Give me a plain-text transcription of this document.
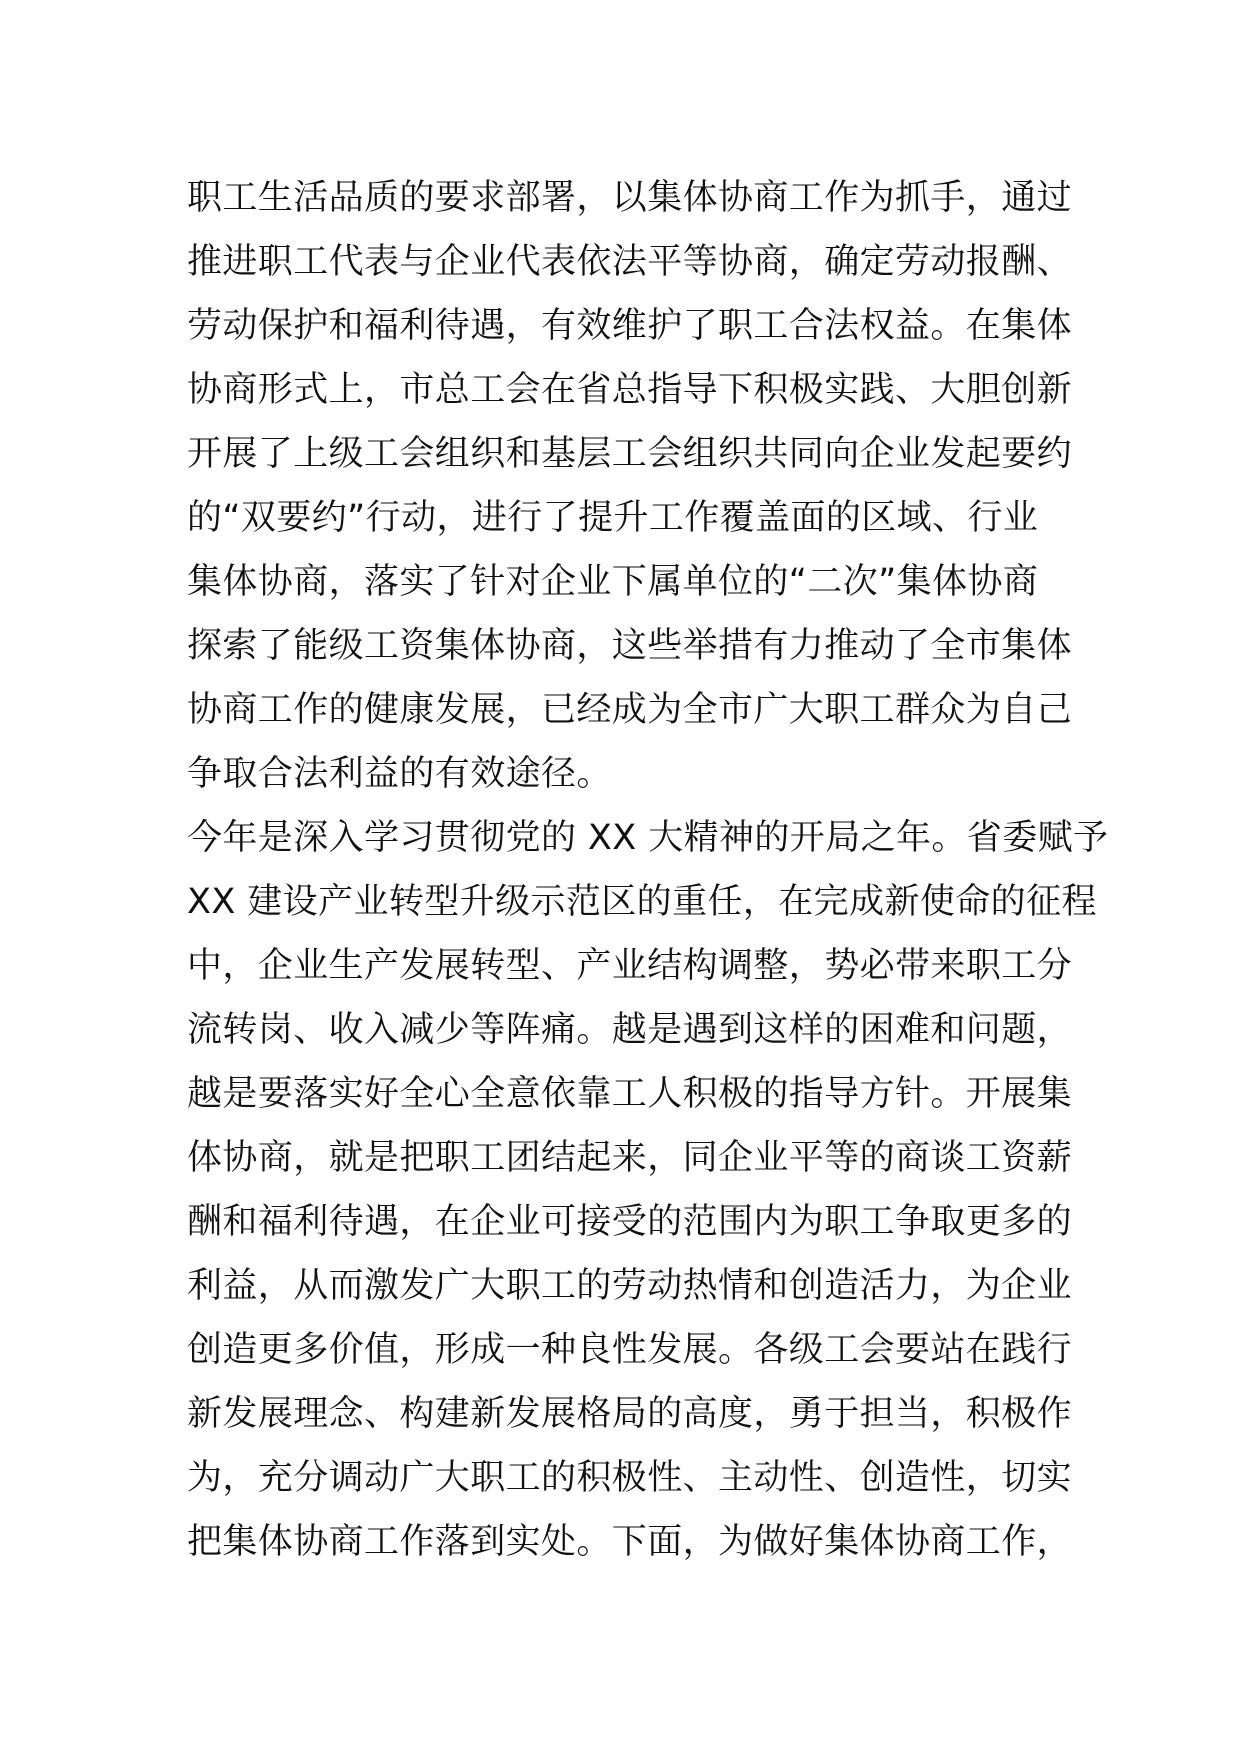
职工生活品质的要求部署，以集体协商工作为抓手，通过
推进职工代表与企业代表依法平等协商，确定劳动报酬、
劳动保护和福利待遇，有效维护了职工合法权益。在集体
协商形式上，市总工会在省总指导下积极实践、大胆创新
开展了上级工会组织和基层工会组织共同向企业发起要约
的“双要约”行动，进行了提升工作覆盖面的区域、行业
集体协商，落实了针对企业下属单位的“二次”集体协商
探索了能级工资集体协商，这些举措有力推动了全市集体
协商工作的健康发展，已经成为全市广大职工群众为自己
争取合法利益的有效途径。
今年是深入学习贯彻党的 XX 大精神的开局之年。省委赋予
XX 建设产业转型升级示范区的重任，在完成新使命的征程
中，企业生产发展转型、产业结构调整，势必带来职工分
流转岗、收入减少等阵痛。越是遇到这样的困难和问题，
越是要落实好全心全意依靠工人积极的指导方针。开展集
体协商，就是把职工团结起来，同企业平等的商谈工资薪
酬和福利待遇，在企业可接受的范围内为职工争取更多的
利益，从而激发广大职工的劳动热情和创造活力，为企业
创造更多价值，形成一种良性发展。各级工会要站在践行
新发展理念、构建新发展格局的高度，勇于担当，积极作
为，充分调动广大职工的积极性、主动性、创造性，切实
把集体协商工作落到实处。下面，为做好集体协商工作，
